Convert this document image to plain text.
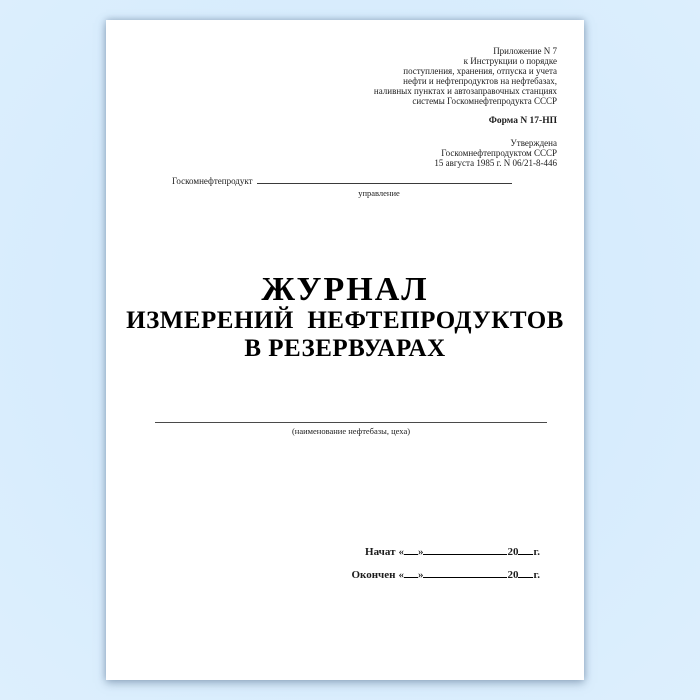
Приложение N 7
к Инструкции о порядке
поступления, хранения, отпуска и учета
нефти и нефтепродуктов на нефтебазах,
наливных пунктах и автозаправочных станциях
системы Госкомнефтепродукта СССР
Форма N 17-НП
Утверждена
Госкомнефтепродуктом СССР
15 августа 1985 г. N 06/21-8-446
Госкомнефтепродукт
управление
ЖУРНАЛ
ИЗМЕРЕНИЙ  НЕФТЕПРОДУКТОВ
В РЕЗЕРВУАРАХ
(наименование нефтебазы, цеха)
Начат « »	20 г.
Окончен « »	20 г.
